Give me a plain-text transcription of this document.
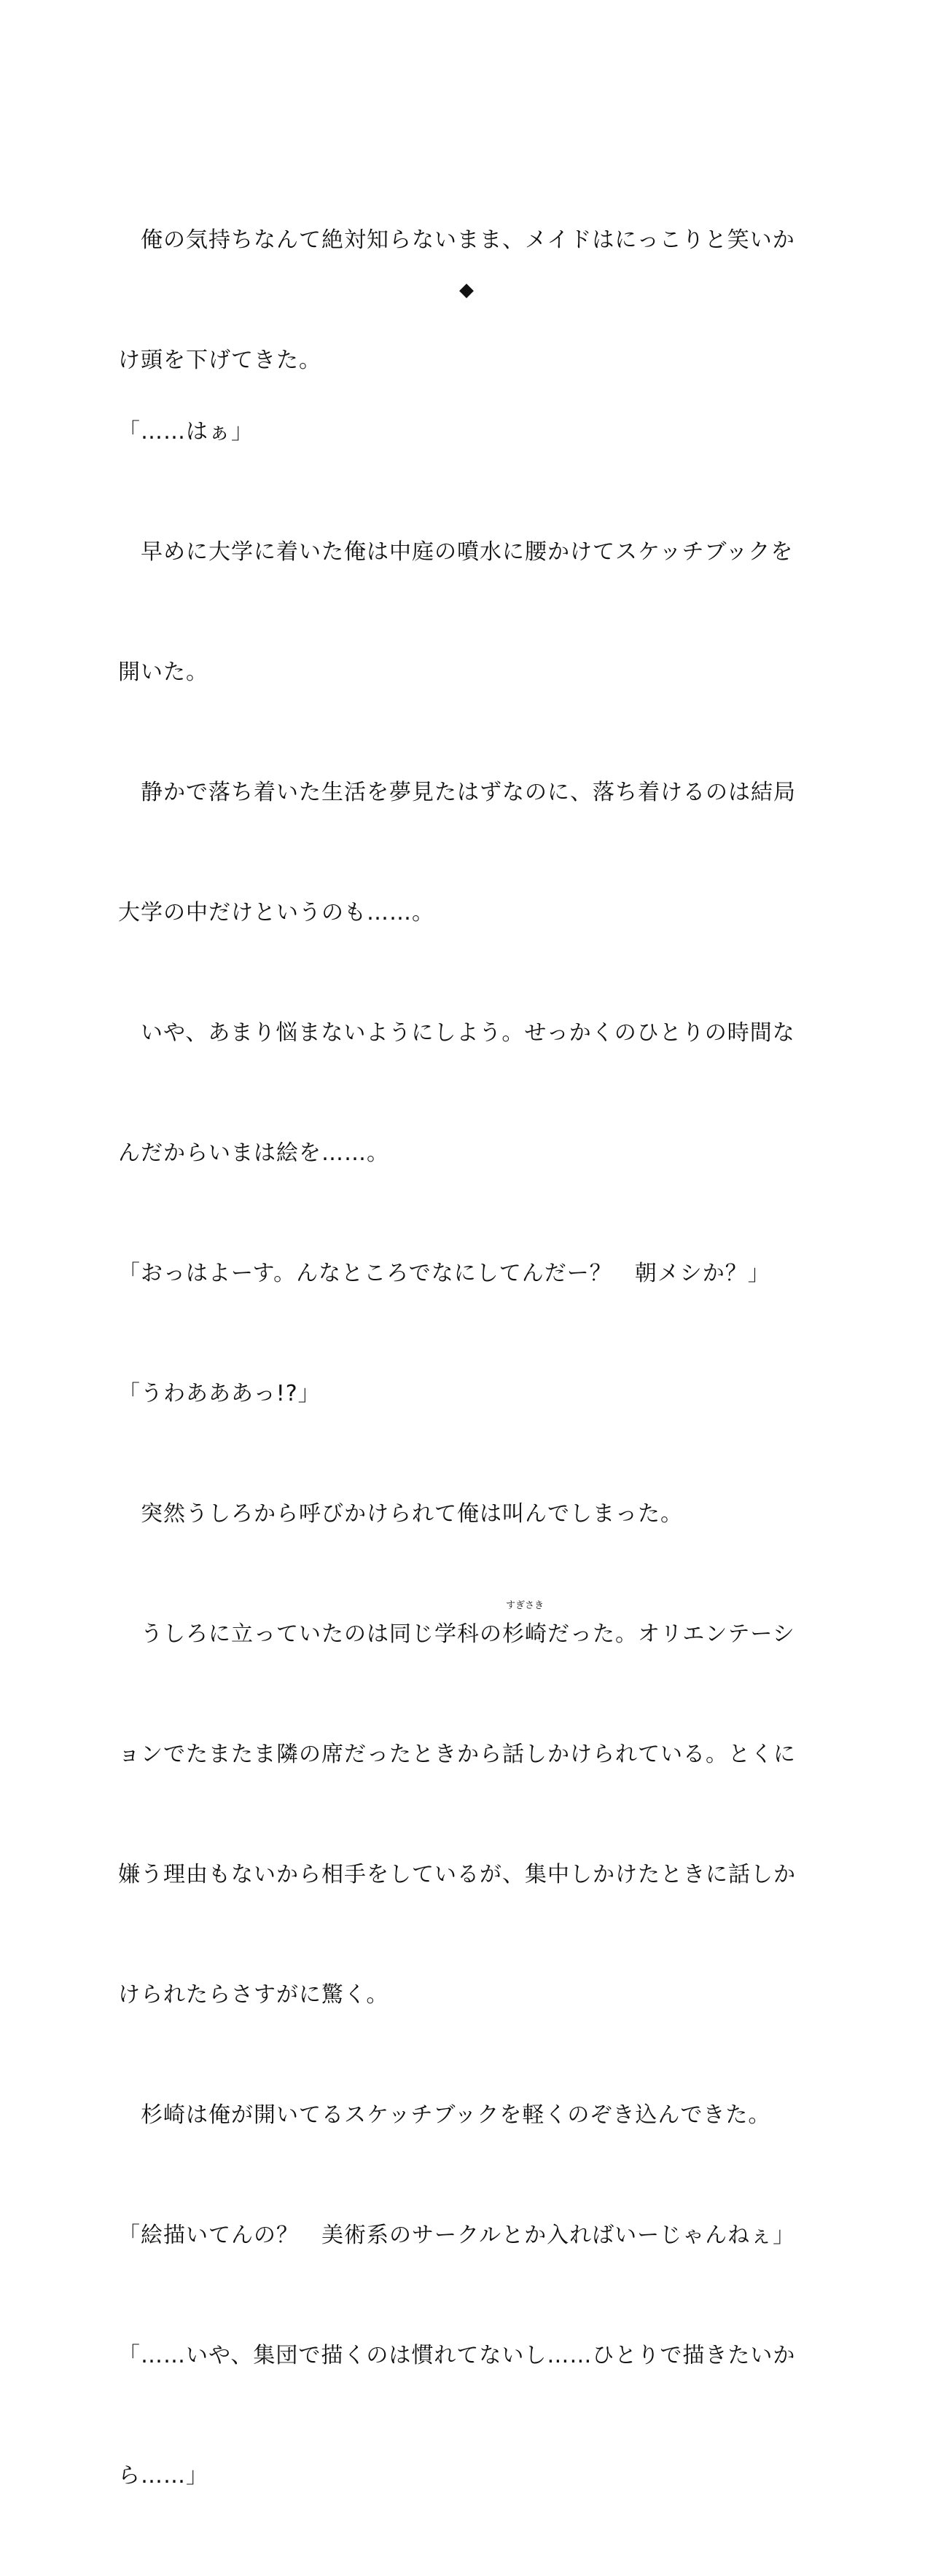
　俺の気持ちなんて絶対知らないまま、メイドはにっこりと笑いか

け頭を下げてきた。

◆

「……はぁ」

　早めに大学に着いた俺は中庭の噴水に腰かけてスケッチブックを

開いた。

　静かで落ち着いた生活を夢見たはずなのに、落ち着けるのは結局

大学の中だけというのも……。

　いや、あまり悩まないようにしよう。せっかくのひとりの時間な

んだからいまは絵を……。

「おっはよーす。んなところでなにしてんだー？　朝メシか？」

「うわあああっ!?」

　突然うしろから呼びかけられて俺は叫んでしまった。

　うしろに立っていたのは同じ学科の
すぎさき
杉崎だった。オリエンテーシ

ョンでたまたま隣の席だったときから話しかけられている。とくに

嫌う理由もないから相手をしているが、集中しかけたときに話しか

けられたらさすがに驚く。

　杉崎は俺が開いてるスケッチブックを軽くのぞき込んできた。

「絵描いてんの？　美術系のサークルとか入ればいーじゃんねぇ」

「……いや、集団で描くのは慣れてないし……ひとりで描きたいか

ら……」
